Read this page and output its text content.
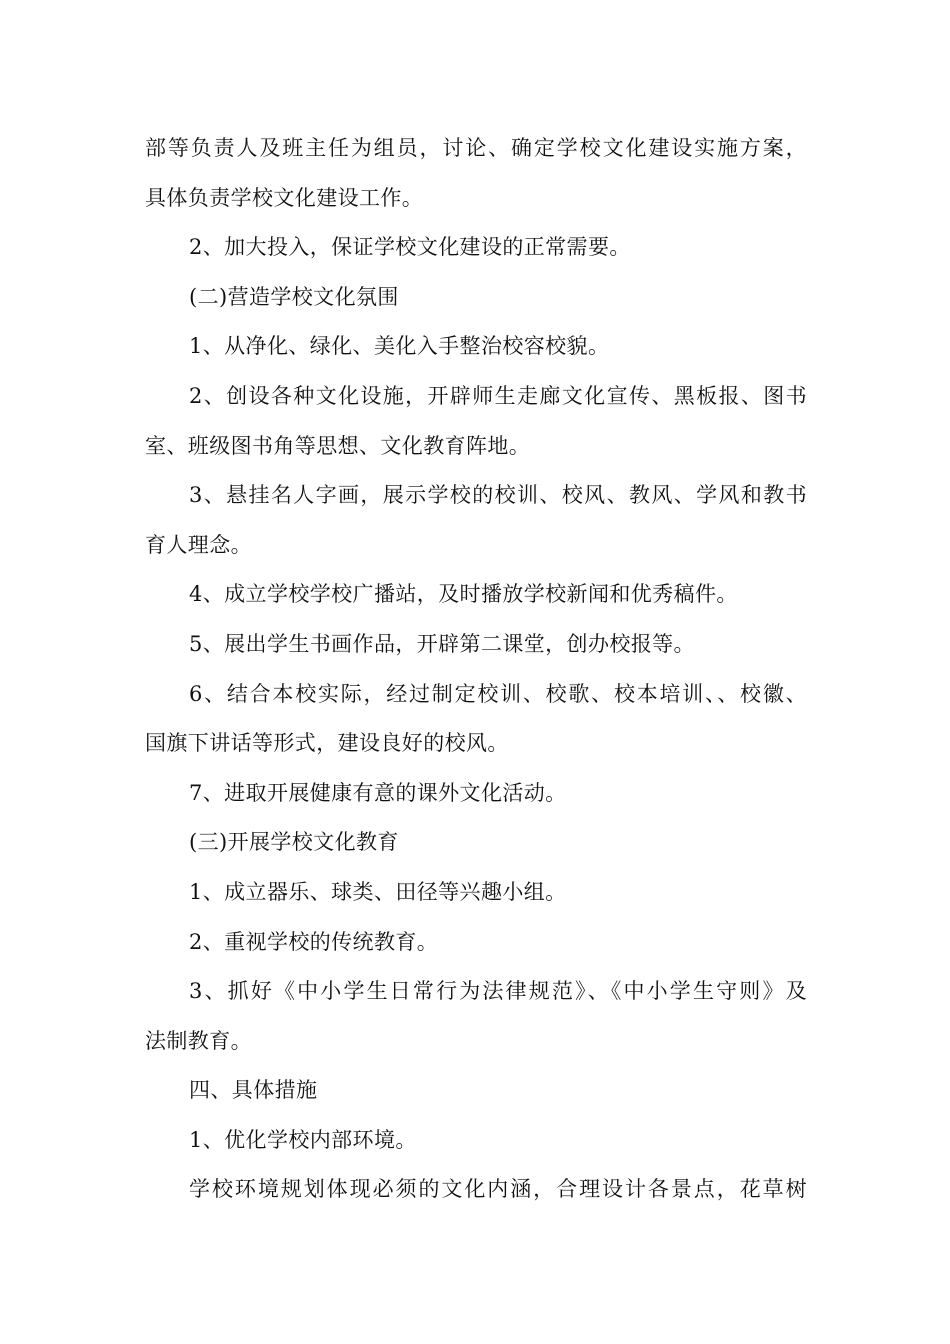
部等负责人及班主任为组员，讨论、确定学校文化建设实施方案，
具体负责学校文化建设工作。
2、加大投入，保证学校文化建设的正常需要。
(二)营造学校文化氛围
1、从净化、绿化、美化入手整治校容校貌。
2、创设各种文化设施，开辟师生走廊文化宣传、黑板报、图书
室、班级图书角等思想、文化教育阵地。
3、悬挂名人字画，展示学校的校训、校风、教风、学风和教书
育人理念。
4、成立学校学校广播站，及时播放学校新闻和优秀稿件。
5、展出学生书画作品，开辟第二课堂，创办校报等。
6、结合本校实际，经过制定校训、校歌、校本培训、、校徽、
国旗下讲话等形式，建设良好的校风。
7、进取开展健康有意的课外文化活动。
(三)开展学校文化教育
1、成立器乐、球类、田径等兴趣小组。
2、重视学校的传统教育。
3、抓好《中小学生日常行为法律规范》、《中小学生守则》及
法制教育。
四、具体措施
1、优化学校内部环境。
学校环境规划体现必须的文化内涵，合理设计各景点，花草树
